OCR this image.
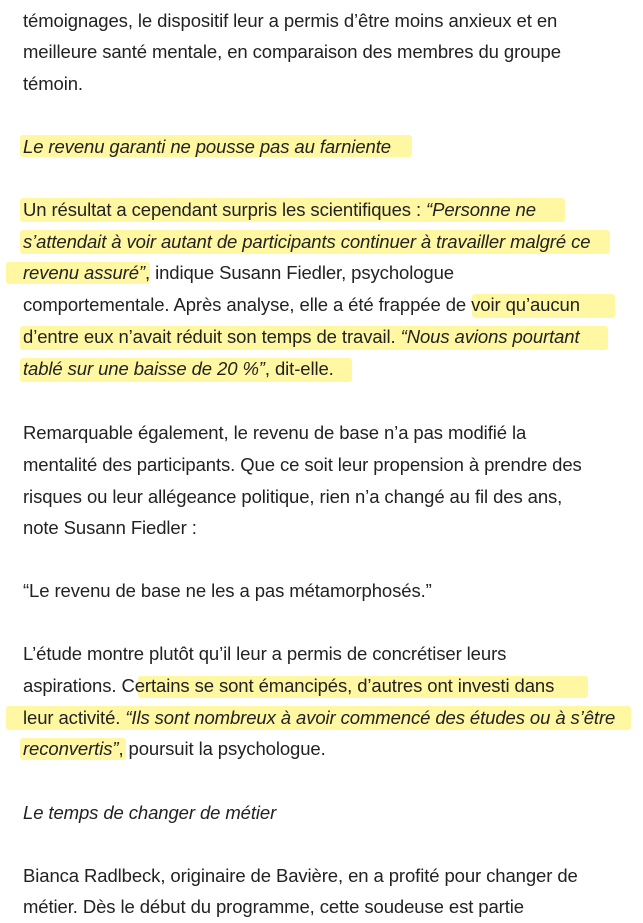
témoignages, le dispositif leur a permis d’être moins anxieux et en
meilleure santé mentale, en comparaison des membres du groupe
témoin.
Le revenu garanti ne pousse pas au farniente
Un résultat a cependant surpris les scientifiques : “Personne ne
s’attendait à voir autant de participants continuer à travailler malgré ce
revenu assuré”, indique Susann Fiedler, psychologue
comportementale. Après analyse, elle a été frappée de voir qu’aucun
d’entre eux n’avait réduit son temps de travail. “Nous avions pourtant
tablé sur une baisse de 20 %”, dit-elle.
Remarquable également, le revenu de base n’a pas modifié la
mentalité des participants. Que ce soit leur propension à prendre des
risques ou leur allégeance politique, rien n’a changé au fil des ans,
note Susann Fiedler :
“Le revenu de base ne les a pas métamorphosés.”
L’étude montre plutôt qu’il leur a permis de concrétiser leurs
aspirations. Certains se sont émancipés, d’autres ont investi dans
leur activité. “Ils sont nombreux à avoir commencé des études ou à s’être
reconvertis”, poursuit la psychologue.
Le temps de changer de métier
Bianca Radlbeck, originaire de Bavière, en a profité pour changer de
métier. Dès le début du programme, cette soudeuse est partie
